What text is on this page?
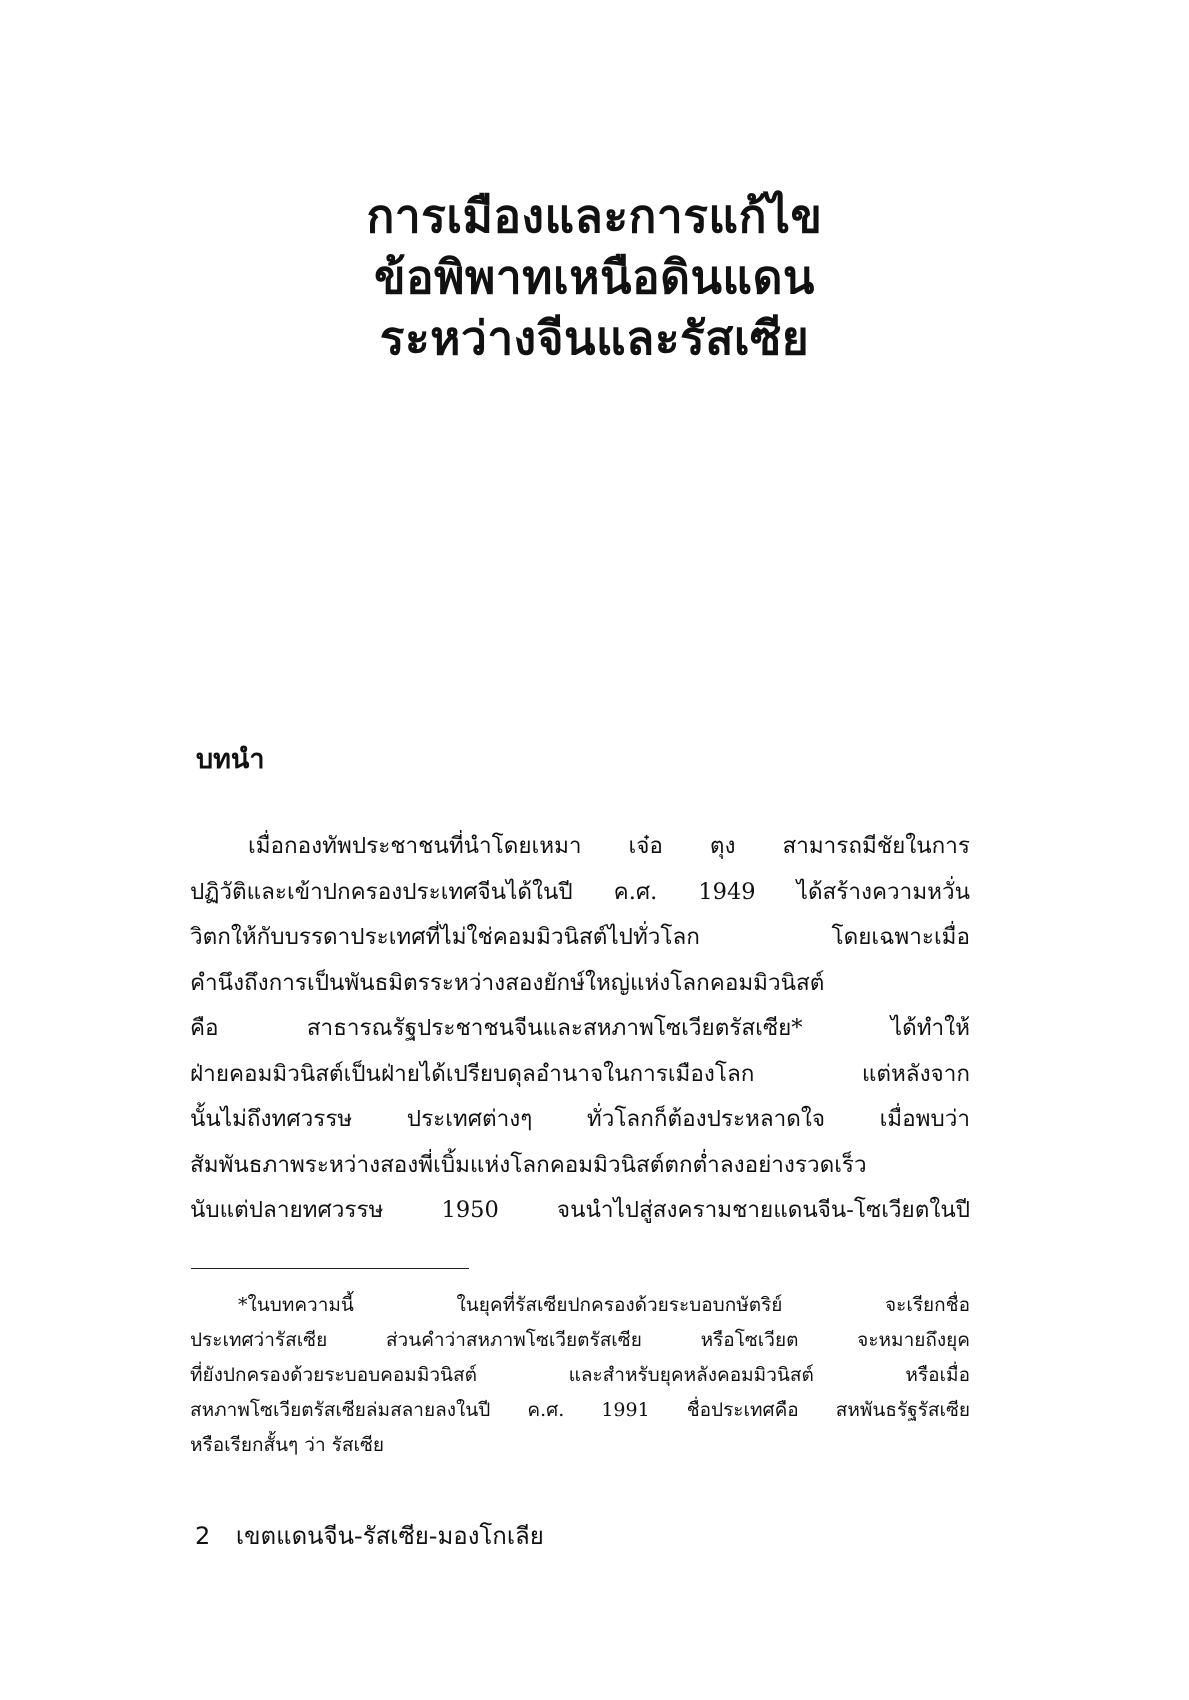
การเมืองและการแก้ไข
ข้อพิพาทเหนือดินแดน
ระหว่างจีนและรัสเซีย
บทนำ
เมื่อกองทัพประชาชนที่นำโดยเหมา เจ๋อ ตุง สามารถมีชัยในการ
ปฏิวัติและเข้าปกครองประเทศจีนได้ในปี ค.ศ. 1949 ได้สร้างความหวั่น
วิตกให้กับบรรดาประเทศที่ไม่ใช่คอมมิวนิสต์ไปทั่วโลก โดยเฉพาะเมื่อ
คำนึงถึงการเป็นพันธมิตรระหว่างสองยักษ์ใหญ่แห่งโลกคอมมิวนิสต์
คือ สาธารณรัฐประชาชนจีนและสหภาพโซเวียตรัสเซีย* ได้ทำให้
ฝ่ายคอมมิวนิสต์เป็นฝ่ายได้เปรียบดุลอำนาจในการเมืองโลก แต่หลังจาก
นั้นไม่ถึงทศวรรษ ประเทศต่างๆ ทั่วโลกก็ต้องประหลาดใจ เมื่อพบว่า
สัมพันธภาพระหว่างสองพี่เบิ้มแห่งโลกคอมมิวนิสต์ตกต่ำลงอย่างรวดเร็ว
นับแต่ปลายทศวรรษ 1950 จนนำไปสู่สงครามชายแดนจีน-โซเวียตในปี
*ในบทความนี้ ในยุคที่รัสเซียปกครองด้วยระบอบกษัตริย์ จะเรียกชื่อ
ประเทศว่ารัสเซีย ส่วนคำว่าสหภาพโซเวียตรัสเซีย หรือโซเวียต จะหมายถึงยุค
ที่ยังปกครองด้วยระบอบคอมมิวนิสต์ และสำหรับยุคหลังคอมมิวนิสต์ หรือเมื่อ
สหภาพโซเวียตรัสเซียล่มสลายลงในปี ค.ศ. 1991 ชื่อประเทศคือ สหพันธรัฐรัสเซีย
หรือเรียกสั้นๆ ว่า รัสเซีย
2 เขตแดนจีน-รัสเซีย-มองโกเลีย
